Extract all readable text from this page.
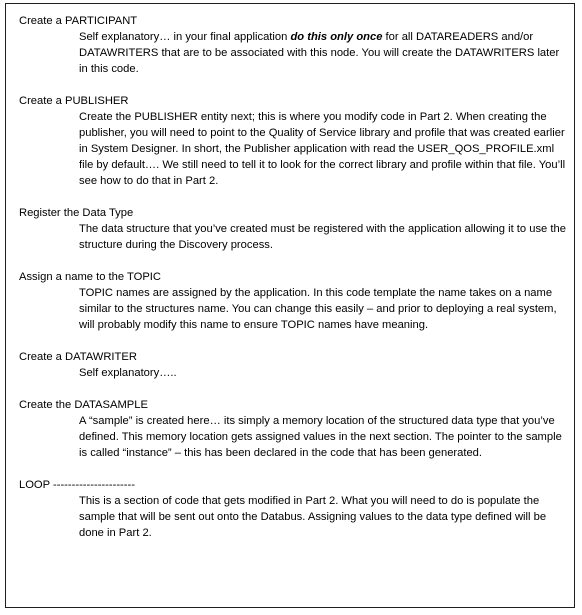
Create a PARTICIPANT
Self explanatory… in your final application do this only once for all DATAREADERS and/or DATAWRITERS that are to be associated with this node. You will create the DATAWRITERS later in this code.
Create a PUBLISHER
Create the PUBLISHER entity next; this is where you modify code in Part 2. When creating the publisher, you will need to point to the Quality of Service library and profile that was created earlier in System Designer. In short, the Publisher application with read the USER_QOS_PROFILE.xml file by default…. We still need to tell it to look for the correct library and profile within that file. You’ll see how to do that in Part 2.
Register the Data Type
The data structure that you’ve created must be registered with the application allowing it to use the structure during the Discovery process.
Assign a name to the TOPIC
TOPIC names are assigned by the application. In this code template the name takes on a name similar to the structures name. You can change this easily – and prior to deploying a real system, will probably modify this name to ensure TOPIC names have meaning.
Create a DATAWRITER
Self explanatory…..
Create the DATASAMPLE
A “sample” is created here… its simply a memory location of the structured data type that you’ve defined. This memory location gets assigned values in the next section. The pointer to the sample is called “instance” – this has been declared in the code that has been generated.
LOOP ----------------------
This is a section of code that gets modified in Part 2. What you will need to do is populate the sample that will be sent out onto the Databus. Assigning values to the data type defined will be done in Part 2.
